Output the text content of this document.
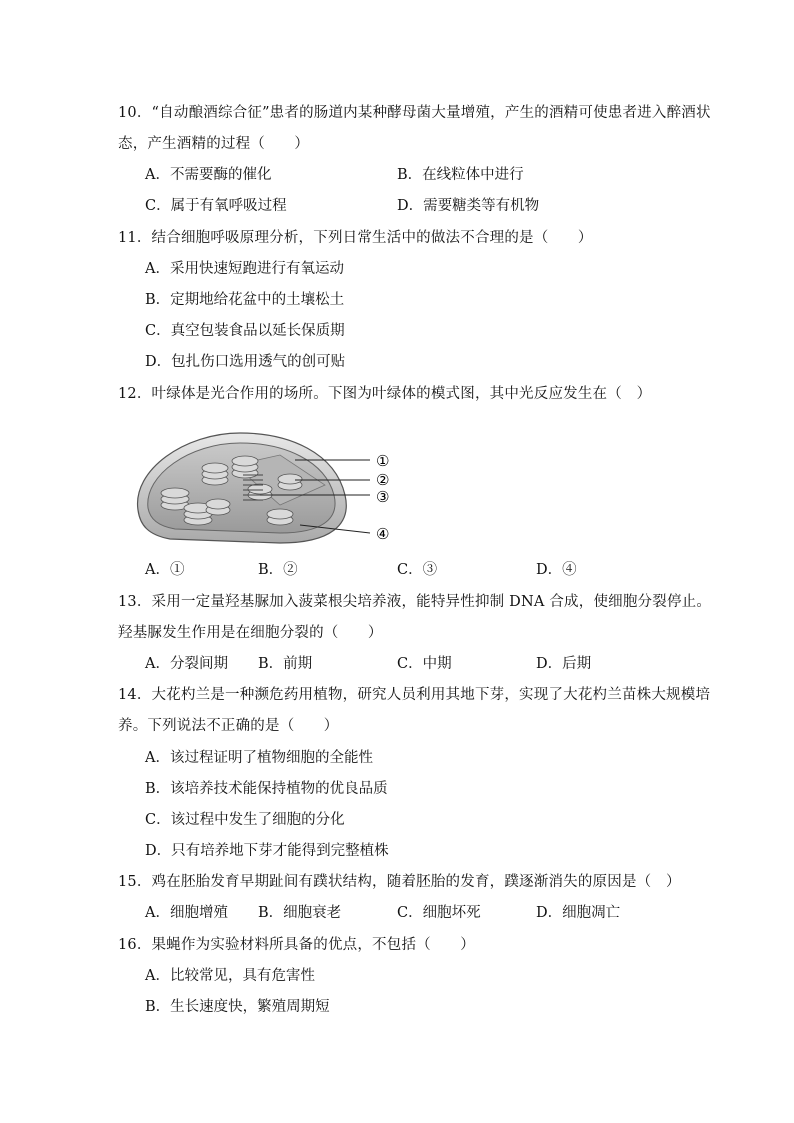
10．“自动酿酒综合征”患者的肠道内某种酵母菌大量增殖，产生的酒精可使患者进入醉酒状
态，产生酒精的过程（　　）
A．不需要酶的催化	B．在线粒体中进行
C．属于有氧呼吸过程	D．需要糖类等有机物
11．结合细胞呼吸原理分析，下列日常生活中的做法不合理的是（　　）
A．采用快速短跑进行有氧运动
B．定期地给花盆中的土壤松土
C．真空包装食品以延长保质期
D．包扎伤口选用透气的创可贴
12．叶绿体是光合作用的场所。下图为叶绿体的模式图，其中光反应发生在（　）
①
②
③
④
A．①	B．②	C．③	D．④
13．采用一定量羟基脲加入菠菜根尖培养液，能特异性抑制 DNA 合成，使细胞分裂停止。
羟基脲发生作用是在细胞分裂的（　　）
A．分裂间期 B．前期	C．中期	D．后期
14．大花杓兰是一种濒危药用植物，研究人员利用其地下芽，实现了大花杓兰苗株大规模培
养。下列说法不正确的是（　　）
A．该过程证明了植物细胞的全能性
B．该培养技术能保持植物的优良品质
C．该过程中发生了细胞的分化
D．只有培养地下芽才能得到完整植株
15．鸡在胚胎发育早期趾间有蹼状结构，随着胚胎的发育，蹼逐渐消失的原因是（　）
A．细胞增殖 B．细胞衰老	C．细胞坏死	D．细胞凋亡
16．果蝇作为实验材料所具备的优点，不包括（　　）
A．比较常见，具有危害性
B．生长速度快，繁殖周期短
